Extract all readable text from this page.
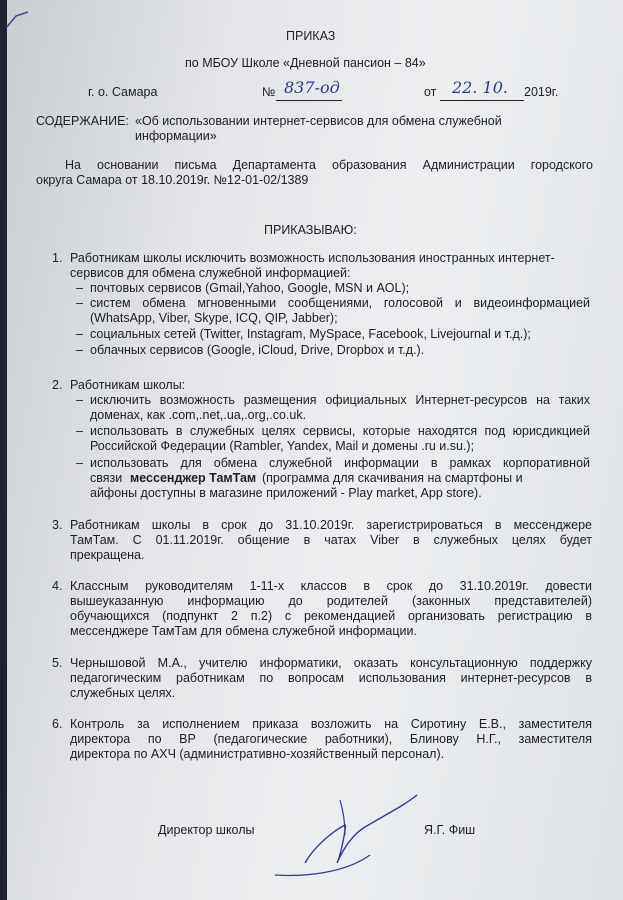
ПРИКАЗ
по МБОУ Школе «Дневной пансион – 84»
г. о. Самара	№ 837-од	от 22. 10. 2019г.
СОДЕРЖАНИЕ: «Об использовании интернет-сервисов для обмена служебной
информации»
На основании письма Департамента образования Администрации городского
округа Самара от 18.10.2019г. №12-01-02/1389
ПРИКАЗЫВАЮ:
1. Работникам школы исключить возможность использования иностранных интернет-
сервисов для обмена служебной информацией:
– почтовых сервисов (Gmail,Yahoo, Google, MSN и AOL);
– систем обмена мгновенными сообщениями, голосовой и видеоинформацией
(WhatsApp, Viber, Skype, ICQ, QIP, Jabber);
– социальных сетей (Twitter, Instagram, MySpace, Facebook, Livejournal и т.д.);
– облачных сервисов (Google, iCloud, Drive, Dropbox и т.д.).
2. Работникам школы:
– исключить возможность размещения официальных Интернет-ресурсов на таких
доменах, как .com,.net,.ua,.org,.co.uk.
– использовать в служебных целях сервисы, которые находятся под юрисдикцией
Российской Федерации (Rambler, Yandex, Mail и домены .ru и.su.);
– использовать для обмена служебной информации в рамках корпоративной
связи мессенджер ТамТам (программа для скачивания на смартфоны и
айфоны доступны в магазине приложений - Play market, App store).
3. Работникам школы в срок до 31.10.2019г. зарегистрироваться в мессенджере
ТамТам. С 01.11.2019г. общение в чатах Viber в служебных целях будет
прекращена.
4. Классным руководителям 1-11-х классов в срок до 31.10.2019г. довести
вышеуказанную информацию до родителей (законных представителей)
обучающихся (подпункт 2 п.2) с рекомендацией организовать регистрацию в
мессенджере ТамТам для обмена служебной информации.
5. Чернышовой М.А., учителю информатики, оказать консультационную поддержку
педагогическим работникам по вопросам использования интернет-ресурсов в
служебных целях.
6. Контроль за исполнением приказа возложить на Сиротину Е.В., заместителя
директора по ВР (педагогические работники), Блинову Н.Г., заместителя
директора по АХЧ (административно-хозяйственный персонал).
Директор школы	Я.Г. Фиш
